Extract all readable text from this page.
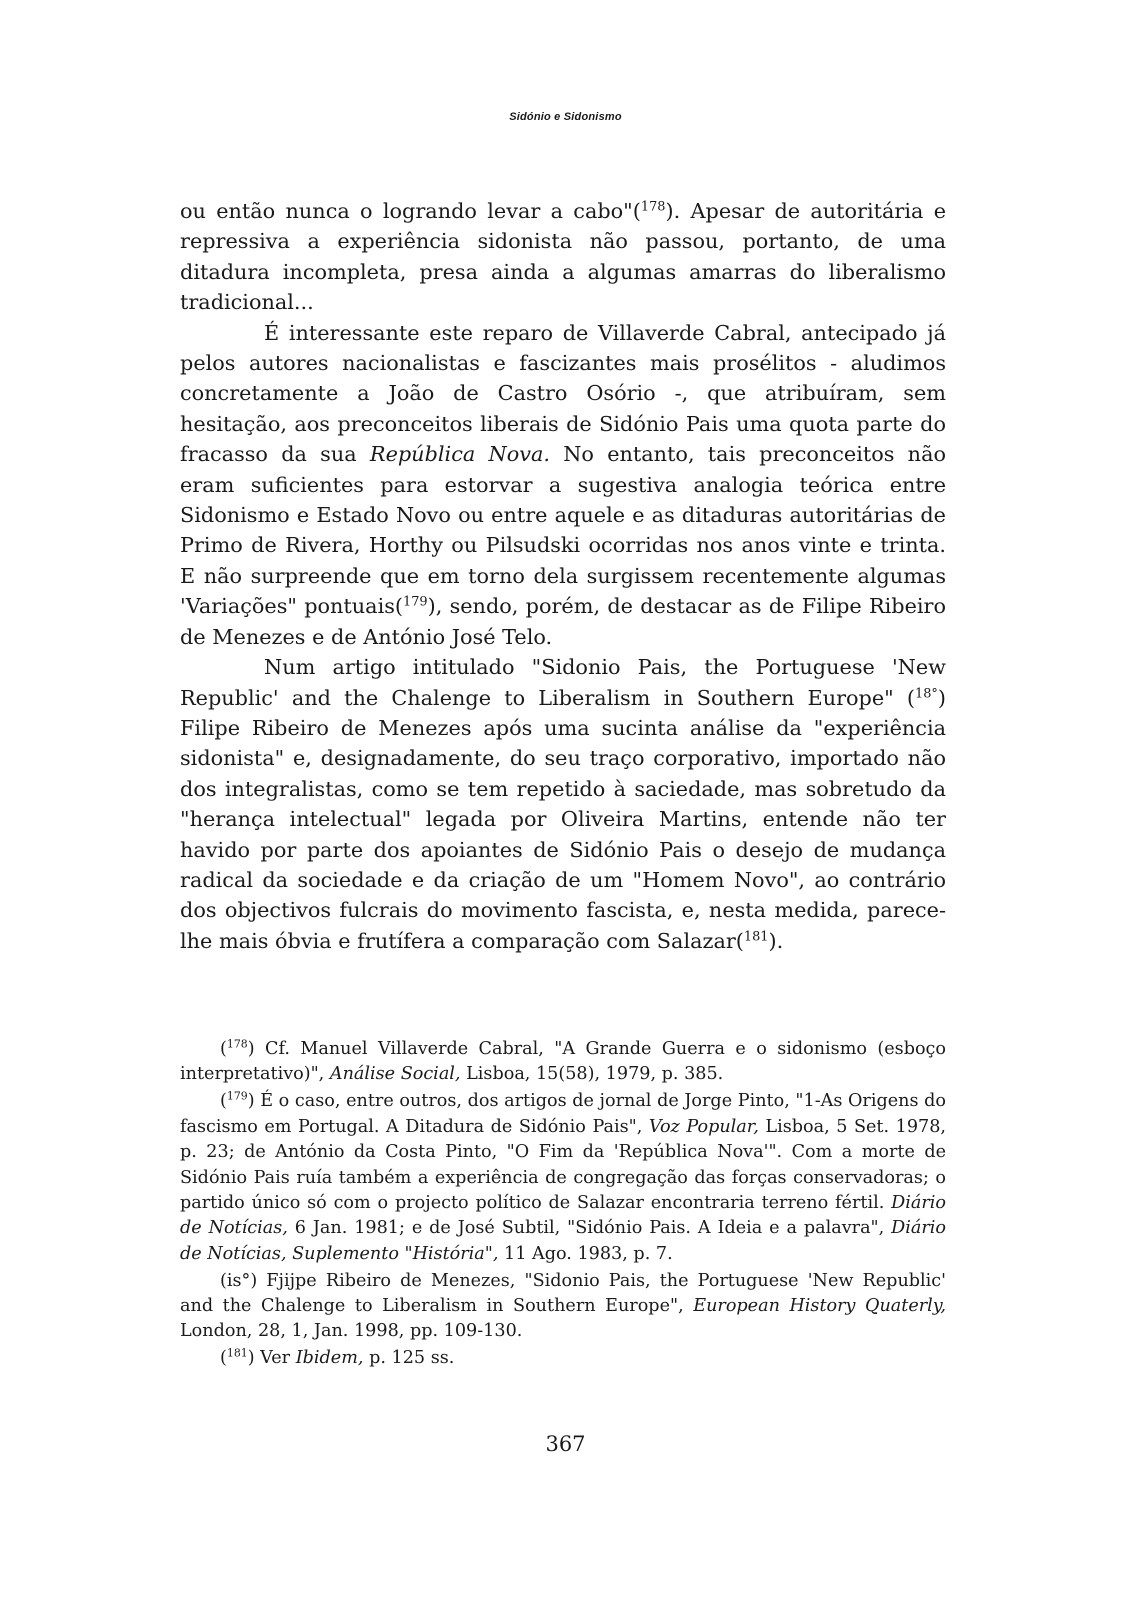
Sidónio e Sidonismo

ou então nunca o logrando levar a cabo"($^{178}$). Apesar de autoritária e repressiva a experiência sidonista não passou, portanto, de uma ditadura incompleta, presa ainda a algumas amarras do liberalismo tradicional...

É interessante este reparo de Villaverde Cabral, antecipado já pelos autores nacionalistas e fascizantes mais prosélitos - aludimos concretamente a João de Castro Osório -, que atribuíram, sem hesitação, aos preconceitos liberais de Sidónio Pais uma quota parte do fracasso da sua República Nova. No entanto, tais preconceitos não eram suficientes para estorvar a sugestiva analogia teórica entre Sidonismo e Estado Novo ou entre aquele e as ditaduras autoritárias de Primo de Rivera, Horthy ou Pilsudski ocorridas nos anos vinte e trinta. E não surpreende que em torno dela surgissem recentemente algumas 'Variações" pontuais($^{179}$), sendo, porém, de destacar as de Filipe Ribeiro de Menezes e de António José Telo.

Num artigo intitulado "Sidonio Pais, the Portuguese 'New Republic' and the Chalenge to Liberalism in Southern Europe" ($^{18^\circ}$) Filipe Ribeiro de Menezes após uma sucinta análise da "experiência sidonista" e, designadamente, do seu traço corporativo, importado não dos integralistas, como se tem repetido à saciedade, mas sobretudo da "herança intelectual" legada por Oliveira Martins, entende não ter havido por parte dos apoiantes de Sidónio Pais o desejo de mudança radical da sociedade e da criação de um "Homem Novo", ao contrário dos objectivos fulcrais do movimento fascista, e, nesta medida, parece-lhe mais óbvia e frutífera a comparação com Salazar($^{181}$).

($^{178}$) Cf. Manuel Villaverde Cabral, "A Grande Guerra e o sidonismo (esboço interpretativo)", Análise Social, Lisboa, 15(58), 1979, p. 385.

($^{179}$) É o caso, entre outros, dos artigos de jornal de Jorge Pinto, "1-As Origens do fascismo em Portugal. A Ditadura de Sidónio Pais", Voz Popular, Lisboa, 5 Set. 1978, p. 23; de António da Costa Pinto, "O Fim da 'República Nova'". Com a morte de Sidónio Pais ruía também a experiência de congregação das forças conservadoras; o partido único só com o projecto político de Salazar encontraria terreno fértil. Diário de Notícias, 6 Jan. 1981; e de José Subtil, "Sidónio Pais. A Ideia e a palavra", Diário de Notícias, Suplemento "História", 11 Ago. 1983, p. 7.

(is°) Fjijpe Ribeiro de Menezes, "Sidonio Pais, the Portuguese 'New Republic' and the Chalenge to Liberalism in Southern Europe", European History Quaterly, London, 28, 1, Jan. 1998, pp. 109-130.

($^{181}$) Ver Ibidem, p. 125 ss.

367
